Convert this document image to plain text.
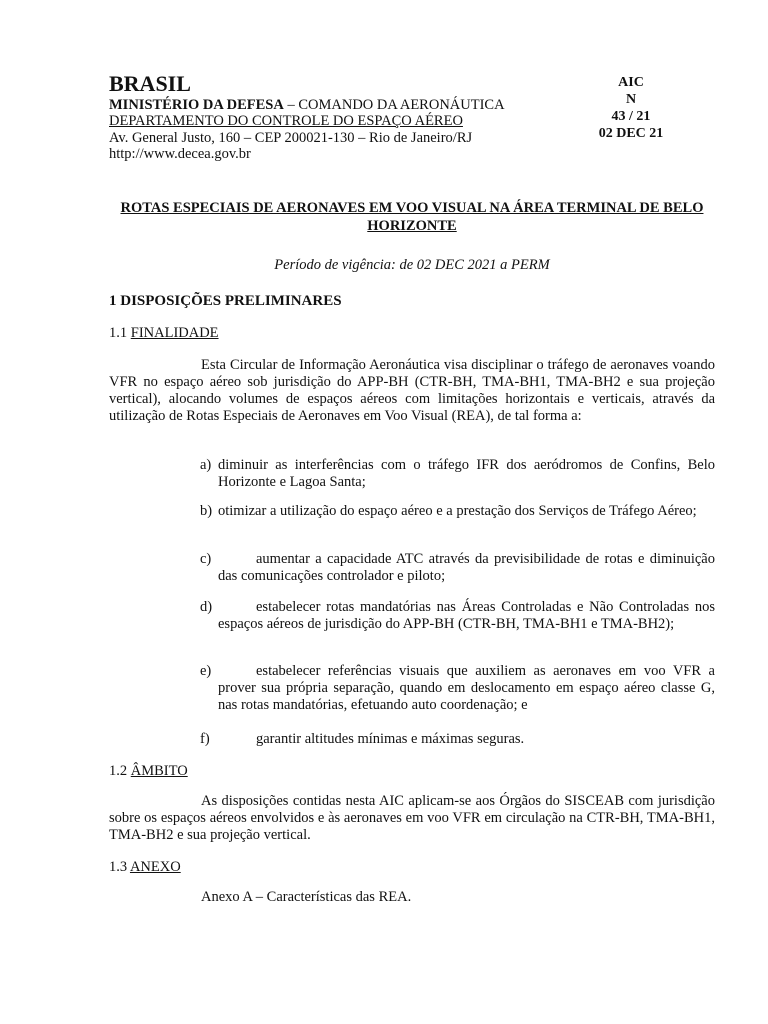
BRASIL
MINISTÉRIO DA DEFESA – COMANDO DA AERONÁUTICA
DEPARTAMENTO DO CONTROLE DO ESPAÇO AÉREO
Av. General Justo, 160 – CEP 200021-130 – Rio de Janeiro/RJ
http://www.decea.gov.br
AIC
N
43 / 21
02 DEC 21
ROTAS ESPECIAIS DE AERONAVES EM VOO VISUAL NA ÁREA TERMINAL DE BELO HORIZONTE
Período de vigência: de 02 DEC 2021 a PERM
1 DISPOSIÇÕES PRELIMINARES
1.1 FINALIDADE
Esta Circular de Informação Aeronáutica visa disciplinar o tráfego de aeronaves voando VFR no espaço aéreo sob jurisdição do APP-BH (CTR-BH, TMA-BH1, TMA-BH2 e sua projeção vertical), alocando volumes de espaços aéreos com limitações horizontais e verticais, através da utilização de Rotas Especiais de Aeronaves em Voo Visual (REA), de tal forma a:
a) diminuir as interferências com o tráfego IFR dos aeródromos de Confins, Belo Horizonte e Lagoa Santa;
b) otimizar a utilização do espaço aéreo e a prestação dos Serviços de Tráfego Aéreo;
c)	aumentar a capacidade ATC através da previsibilidade de rotas e diminuição das comunicações controlador e piloto;
d)	estabelecer rotas mandatórias nas Áreas Controladas e Não Controladas nos espaços aéreos de jurisdição do APP-BH (CTR-BH, TMA-BH1 e TMA-BH2);
e)	estabelecer referências visuais que auxiliem as aeronaves em voo VFR a prover sua própria separação, quando em deslocamento em espaço aéreo classe G, nas rotas mandatórias, efetuando auto coordenação; e
f)	garantir altitudes mínimas e máximas seguras.
1.2 ÂMBITO
As disposições contidas nesta AIC aplicam-se aos Órgãos do SISCEAB com jurisdição sobre os espaços aéreos envolvidos e às aeronaves em voo VFR em circulação na CTR-BH, TMA-BH1, TMA-BH2 e sua projeção vertical.
1.3 ANEXO
Anexo A – Características das REA.
